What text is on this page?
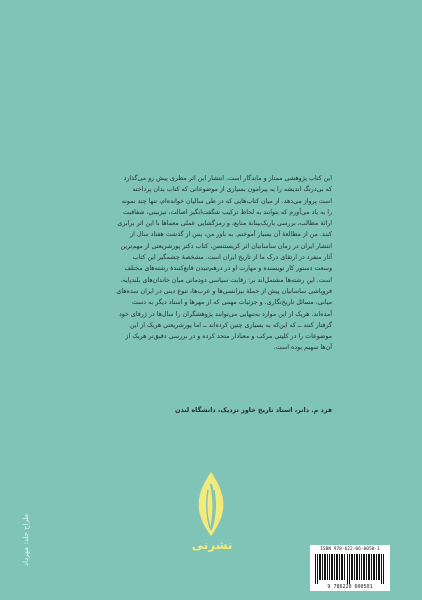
این کتاب پژوهشی ممتاز و ماندگار است. انتشار این اثر مطری پیش رو می‌گذارد

که بی‌درنگ اندیشه را به پیرامون بسیاری از موضوعاتی که کتاب بدان پرداخته

است پرواز می‌دهد. از میان کتاب‌هایی که در طی سالیان خوانده‌ام، تنها چند نمونه

را به یاد می‌آورم که بتوانند به لحاظ ترکیب شگفت‌انگیز اصالت، تیزبینی، شفافیت

ارائهٔ مطالب، بررسی باریک‌بینانهٔ منابع، و رمزگشایی عملی معماها با این اثر برابری

کنند. من از مطالعهٔ آن بسیار آموختم. به باور من، پس از گذشت هفتاد سال از

انتشار ایران در زمان ساسانیان اثر کریستنسن، کتاب دکتر پورشریعتی از مهم‌ترین

آثار منفرد در ارتقای درک ما از تاریخ ایران است. مشخصهٔ چشمگیر این کتاب

وسعت دستور کار نویسنده و مهارت او در درهم‌تنیدن قانع‌کنندهٔ رشته‌های مختلف

است. این رشته‌ها مشتمل‌اند بر: رقابت سیاسی دودمانی میان خاندان‌های بلندپایه،

فروپاشی ساسانیان پیش از حملهٔ بیزانسی‌ها و عرب‌ها، تنوع دینی در ایران سده‌های

میانی، مسائل تاریخ‌نگاری، و جزئیات مهمی که از مهرها و اسناد دیگر به دست

آمده‌اند. هریک از این موارد به‌تنهایی می‌توانند پژوهشگران را سال‌ها در ژرفای خود

گرفتار کنند ــ که این‌که به بسیاری چنین کرده‌اند ــ اما پورشریعتی هریک از این

موضوعات را در کلیتی مرکب و معنادار متحد کرده و در بررسی دقیق‌تر هریک از

آن‌ها سهیم بوده است.

فرد م. دانر، استاد تاریخ خاور نزدیک، دانشگاه لندن
نشرنی
طراح جلد: مهرداد	ISBN 978-622-06-0050-1
9 786220 600501
